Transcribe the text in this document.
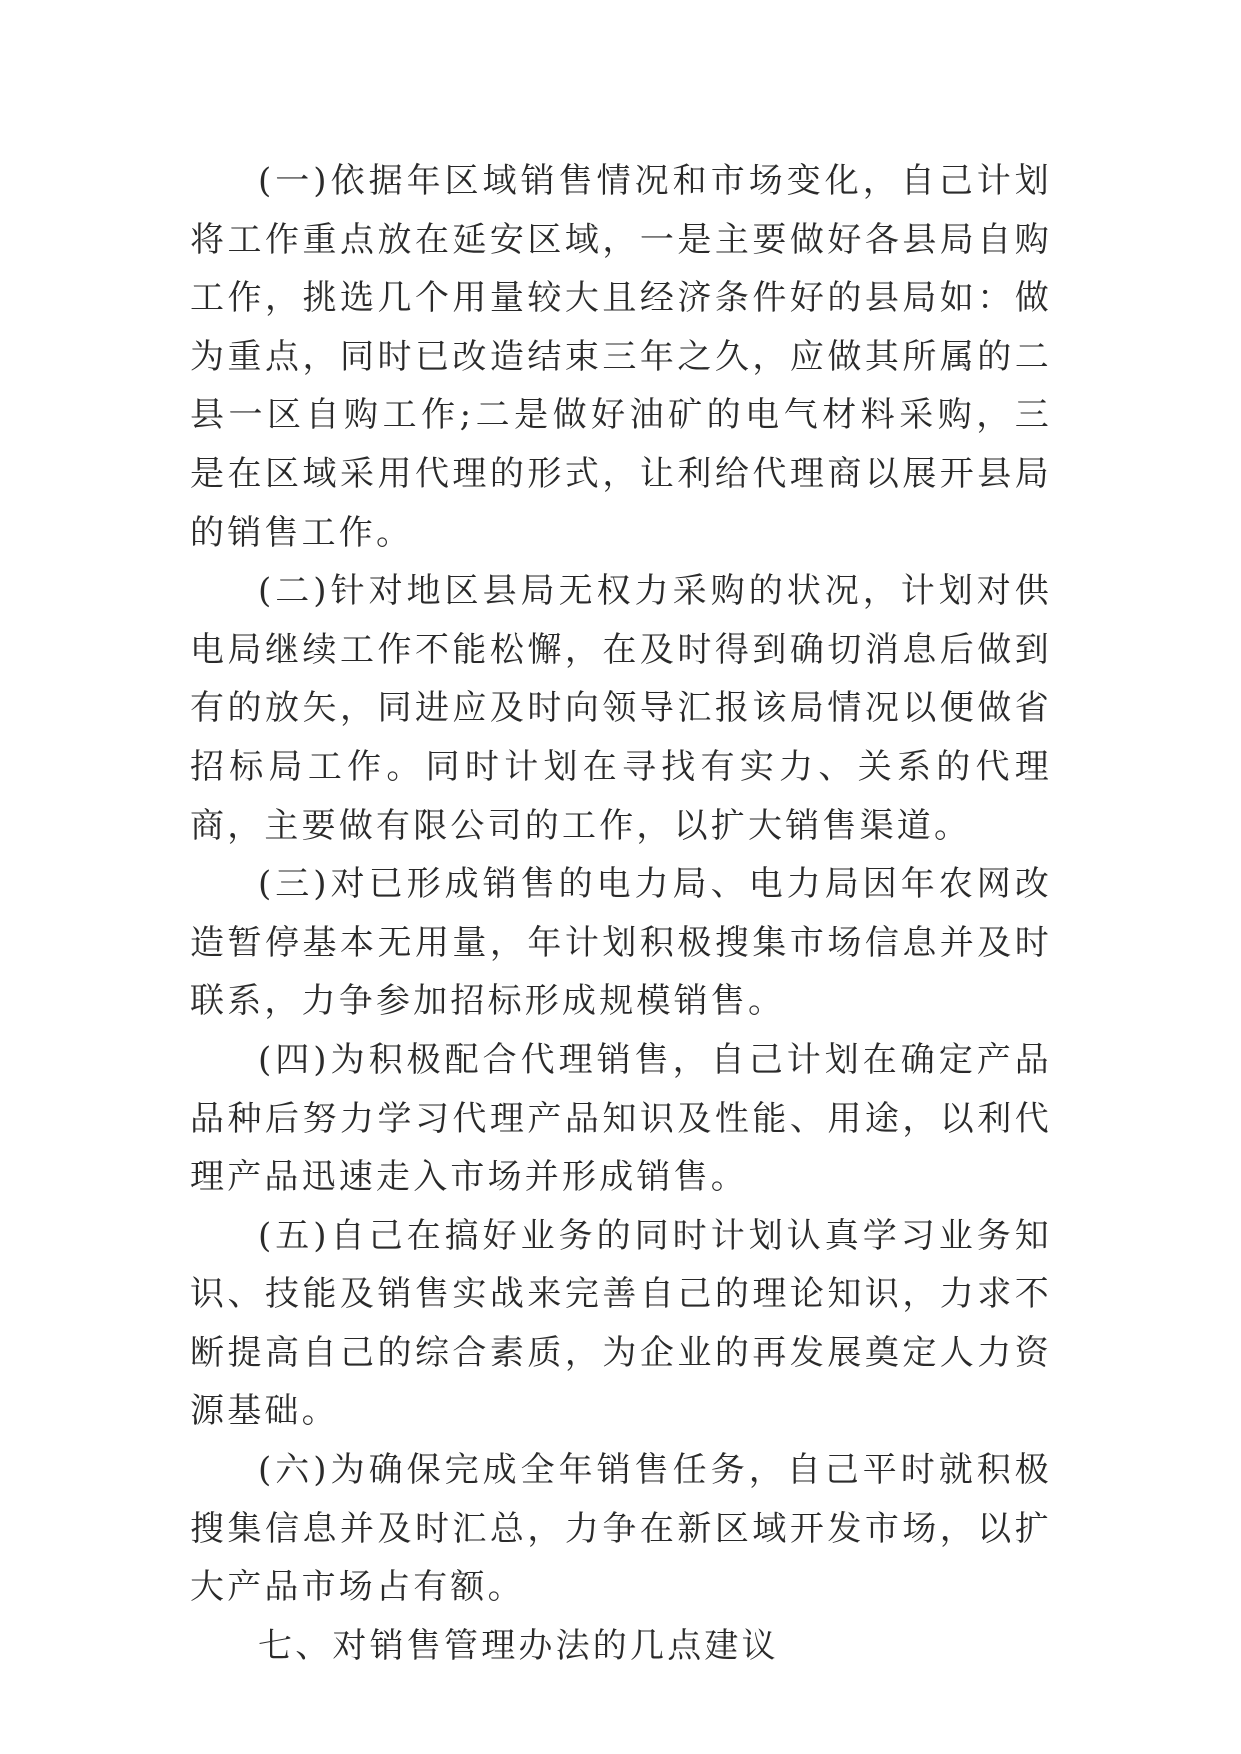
(一)依据年区域销售情况和市场变化，自己计划将工作重点放在延安区域，一是主要做好各县局自购工作，挑选几个用量较大且经济条件好的县局如：做为重点，同时已改造结束三年之久，应做其所属的二县一区自购工作;二是做好油矿的电气材料采购，三是在区域采用代理的形式，让利给代理商以展开县局的销售工作。

(二)针对地区县局无权力采购的状况，计划对供电局继续工作不能松懈，在及时得到确切消息后做到有的放矢，同进应及时向领导汇报该局情况以便做省招标局工作。同时计划在寻找有实力、关系的代理商，主要做有限公司的工作，以扩大销售渠道。

(三)对已形成销售的电力局、电力局因年农网改造暂停基本无用量，年计划积极搜集市场信息并及时联系，力争参加招标形成规模销售。

(四)为积极配合代理销售，自己计划在确定产品品种后努力学习代理产品知识及性能、用途，以利代理产品迅速走入市场并形成销售。

(五)自己在搞好业务的同时计划认真学习业务知识、技能及销售实战来完善自己的理论知识，力求不断提高自己的综合素质，为企业的再发展奠定人力资源基础。

(六)为确保完成全年销售任务，自己平时就积极搜集信息并及时汇总，力争在新区域开发市场，以扩大产品市场占有额。

七、对销售管理办法的几点建议
